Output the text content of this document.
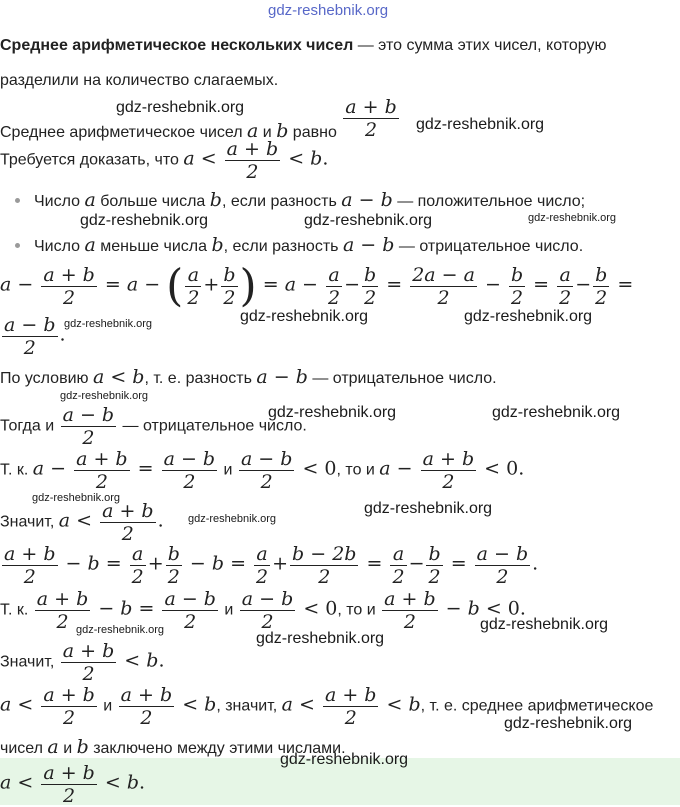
gdz-reshebnik.org
Среднее арифметическое нескольких чисел — это сумма этих чисел, которую
разделили на количество слагаемых.
Среднее арифметическое чисел a и b равно $\frac{a + b}{2}$
Требуется доказать, что $a < \frac{a + b}{2} < b$.
Число a больше числа b, если разность a − b — положительное число;
Число a меньше числа b, если разность a − b — отрицательное число.
$a - \frac{a + b}{2} = a$ − ( $\frac{a}{2} + \frac{b}{2}$ ) = $a - \frac{a}{2} - \frac{b}{2} = \frac{2a - a}{2} - \frac{b}{2} = \frac{a}{2} - \frac{b}{2}$ =
$\frac{a - b}{2}$ .
По условию a < b, т. е. разность a − b — отрицательное число.
Тогда и $\frac{a - b}{2}$ — отрицательное число.
Т. к. $a - \frac{a + b}{2} = \frac{a - b}{2}$ и $\frac{a - b}{2} < 0$, то и $a - \frac{a + b}{2} < 0$.
Значит, $a < \frac{a + b}{2}$ .
$\frac{a + b}{2} - b = \frac{a}{2} + \frac{b}{2} - b = \frac{a}{2} + \frac{b - 2b}{2} = \frac{a}{2} - \frac{b}{2} = \frac{a - b}{2}$ .
Т. к. $\frac{a + b}{2} - b = \frac{a - b}{2}$ и $\frac{a - b}{2} < 0$, то и $\frac{a + b}{2} - b < 0$.
Значит, $\frac{a + b}{2} < b$.
$a < \frac{a + b}{2}$ и $\frac{a + b}{2} < b$, значит, $a < \frac{a + b}{2} < b$, т. е. среднее арифметическое
чисел a и b заключено между этими числами.
$a < \frac{a + b}{2} < b$.
gdz-reshebnik.org
gdz-reshebnik.org
gdz-reshebnik.org	gdz-reshebnik.org	gdz-reshebnik.org
gdz-reshebnik.org	gdz-reshebnik.org	gdz-reshebnik.org
gdz-reshebnik.org
gdz-reshebnik.org	gdz-reshebnik.org
gdz-reshebnik.org
gdz-reshebnik.org
gdz-reshebnik.org
gdz-reshebnik.org	gdz-reshebnik.org
gdz-reshebnik.org
gdz-reshebnik.org
gdz-reshebnik.org
